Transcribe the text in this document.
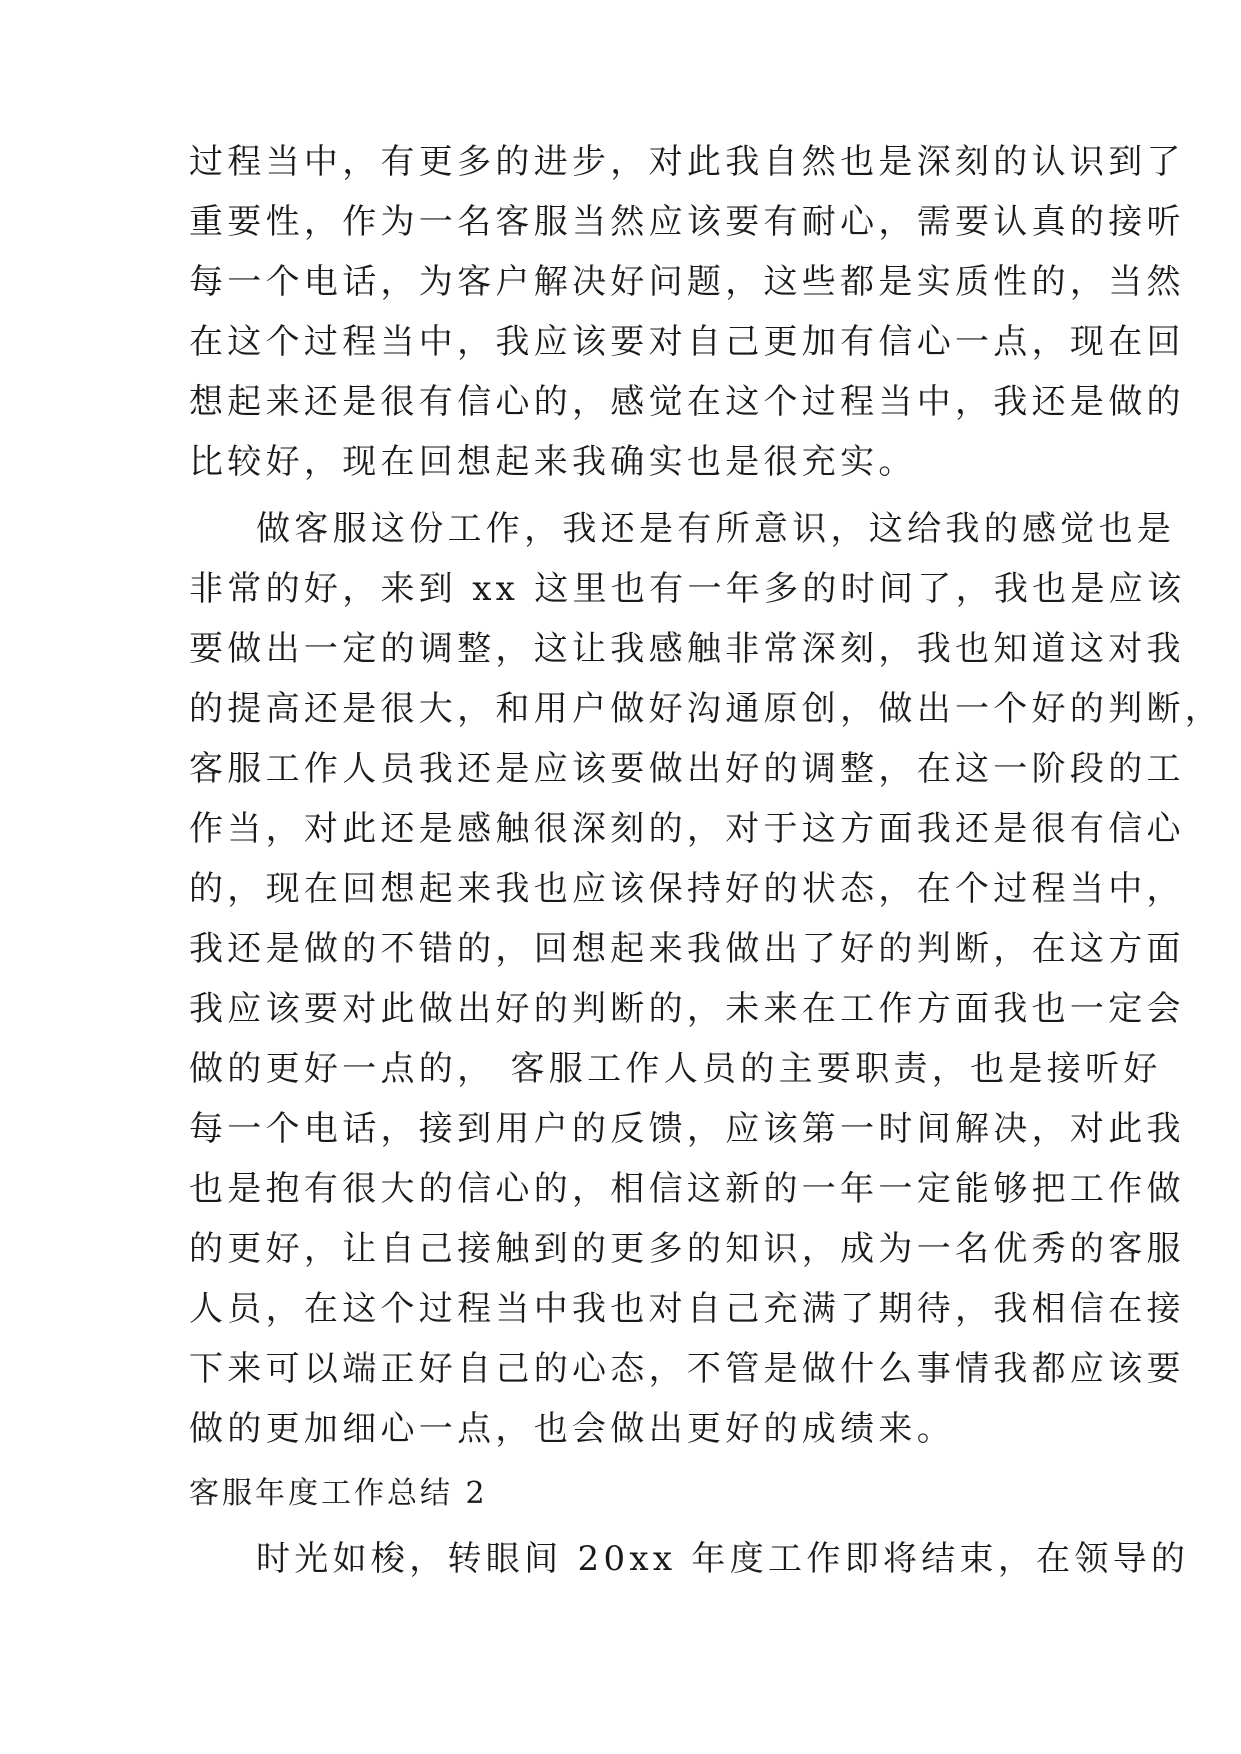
过程当中，有更多的进步，对此我自然也是深刻的认识到了
重要性，作为一名客服当然应该要有耐心，需要认真的接听
每一个电话，为客户解决好问题，这些都是实质性的，当然
在这个过程当中，我应该要对自己更加有信心一点，现在回
想起来还是很有信心的，感觉在这个过程当中，我还是做的
比较好，现在回想起来我确实也是很充实。
做客服这份工作，我还是有所意识，这给我的感觉也是
非常的好，来到 xx 这里也有一年多的时间了，我也是应该
要做出一定的调整，这让我感触非常深刻，我也知道这对我
的提高还是很大，和用户做好沟通原创，做出一个好的判断，
客服工作人员我还是应该要做出好的调整，在这一阶段的工
作当，对此还是感触很深刻的，对于这方面我还是很有信心
的，现在回想起来我也应该保持好的状态，在个过程当中，
我还是做的不错的，回想起来我做出了好的判断，在这方面
我应该要对此做出好的判断的，未来在工作方面我也一定会
做的更好一点的， 客服工作人员的主要职责，也是接听好
每一个电话，接到用户的反馈，应该第一时间解决，对此我
也是抱有很大的信心的，相信这新的一年一定能够把工作做
的更好，让自己接触到的更多的知识，成为一名优秀的客服
人员，在这个过程当中我也对自己充满了期待，我相信在接
下来可以端正好自己的心态，不管是做什么事情我都应该要
做的更加细心一点，也会做出更好的成绩来。
客服年度工作总结 2
时光如梭，转眼间 20xx 年度工作即将结束，在领导的
